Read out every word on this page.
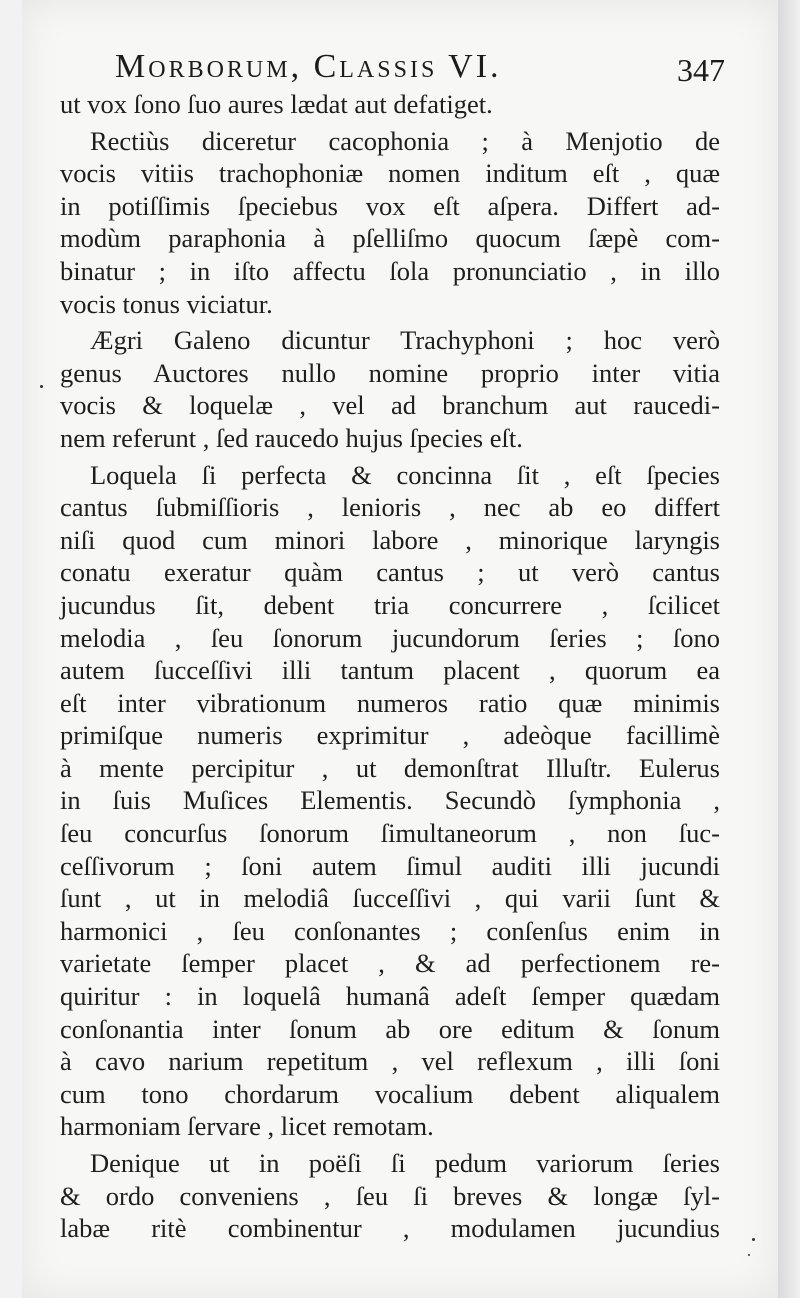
Morborum, Classis VI.	347
ut vox ſono ſuo aures lædat aut defatiget.
Rectiùs diceretur cacophonia ; à Menjotio de
vocis vitiis trachophoniæ nomen inditum eſt , quæ
in potiſſimis ſpeciebus vox eſt aſpera. Differt ad-
modùm paraphonia à pſelliſmo quocum ſæpè com-
binatur ; in iſto affectu ſola pronunciatio , in illo
vocis tonus viciatur.
Ægri Galeno dicuntur Trachyphoni ; hoc verò
genus Auctores nullo nomine proprio inter vitia
vocis & loquelæ , vel ad branchum aut raucedi-
nem referunt , ſed raucedo hujus ſpecies eſt.
Loquela ſi perfecta & concinna ſit , eſt ſpecies
cantus ſubmiſſioris , lenioris , nec ab eo differt
niſi quod cum minori labore , minorique laryngis
conatu exeratur quàm cantus ; ut verò cantus
jucundus ſit, debent tria concurrere , ſcilicet
melodia , ſeu ſonorum jucundorum ſeries ; ſono
autem ſucceſſivi illi tantum placent , quorum ea
eſt inter vibrationum numeros ratio quæ minimis
primiſque numeris exprimitur , adeòque facillimè
à mente percipitur , ut demonſtrat Illuſtr. Eulerus
in ſuis Muſices Elementis. Secundò ſymphonia ,
ſeu concurſus ſonorum ſimultaneorum , non ſuc-
ceſſivorum ; ſoni autem ſimul auditi illi jucundi
ſunt , ut in melodiâ ſucceſſivi , qui varii ſunt &
harmonici , ſeu conſonantes ; conſenſus enim in
varietate ſemper placet , & ad perfectionem re-
quiritur : in loquelâ humanâ adeſt ſemper quædam
conſonantia inter ſonum ab ore editum & ſonum
à cavo narium repetitum , vel reflexum , illi ſoni
cum tono chordarum vocalium debent aliqualem
harmoniam ſervare , licet remotam.
Denique ut in poëſi ſi pedum variorum ſeries
& ordo conveniens , ſeu ſi breves & longæ ſyl-
labæ ritè combinentur , modulamen jucundius
